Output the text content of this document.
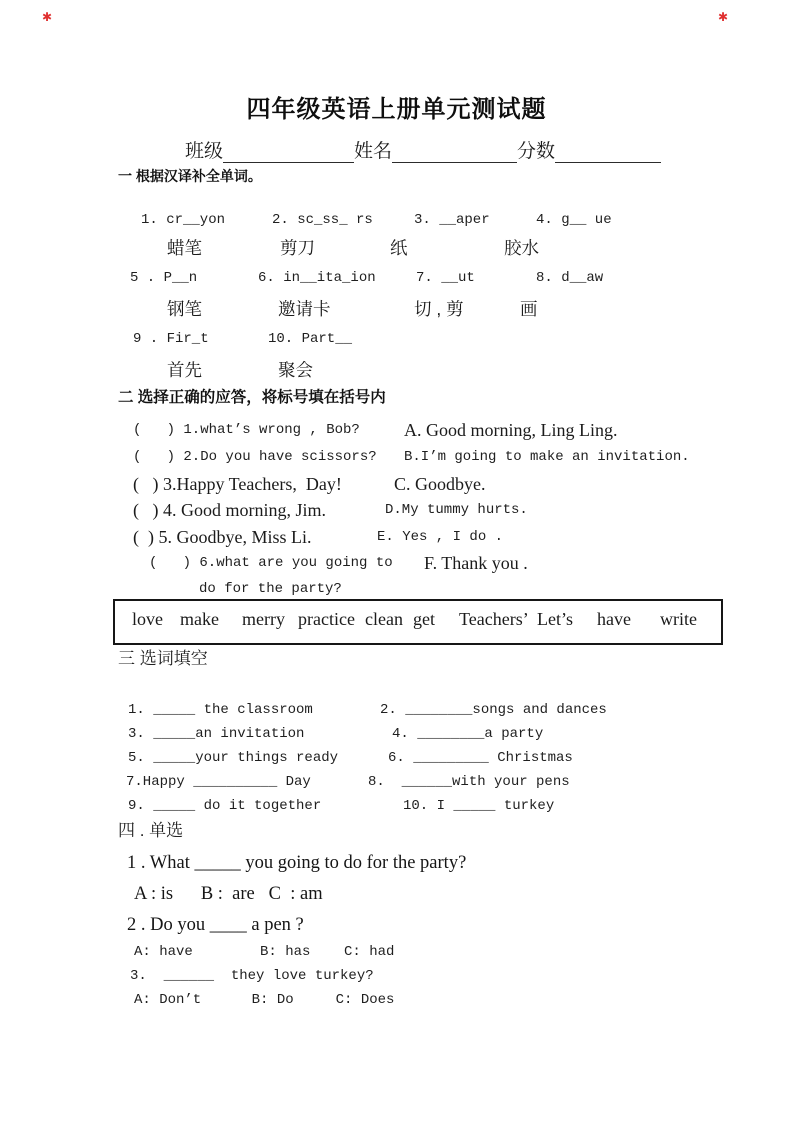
✱	✱
四年级英语上册单元测试题
班级	姓名	分数
一 根据汉译补全单词。
1. cr__yon	2. sc_ss_ rs	3. __aper	4. g__ ue
蜡笔	剪刀	纸	胶水
5 . P__n	6. in__ita_ion	7. __ut	8. d__aw
钢笔	邀请卡	切 , 剪	画
9 . Fir_t	10. Part__
首先	聚会
二 选择正确的应答，将标号填在括号内
(   ) 1.what’s wrong , Bob? A. Good morning, Ling Ling.
(   ) 2.Do you have scissors? B.I’m going to make an invitation.
(   ) 3.Happy Teachers,  Day!	C. Goodbye.
(   ) 4. Good morning, Jim.	D.My tummy hurts.
(  ) 5. Goodbye, Miss Li.	E. Yes , I do .
(   ) 6.what are you going to F. Thank you .
do for the party?
love make merry practice clean get Teachers’ Let’s have write
三 选词填空
1. _____ the classroom	2. ________songs and dances
3. _____an invitation	4. ________a party
5. _____your things ready	6. _________ Christmas
7.Happy __________ Day	8.  ______with your pens
9. _____ do it together	10. I _____ turkey
四 . 单选
1 . What _____ you going to do for the party?
A : is      B :  are   C  : am
2 . Do you ____ a pen ?
A: have        B: has    C: had
3.  ______  they love turkey?
A: Don’t      B: Do     C: Does
